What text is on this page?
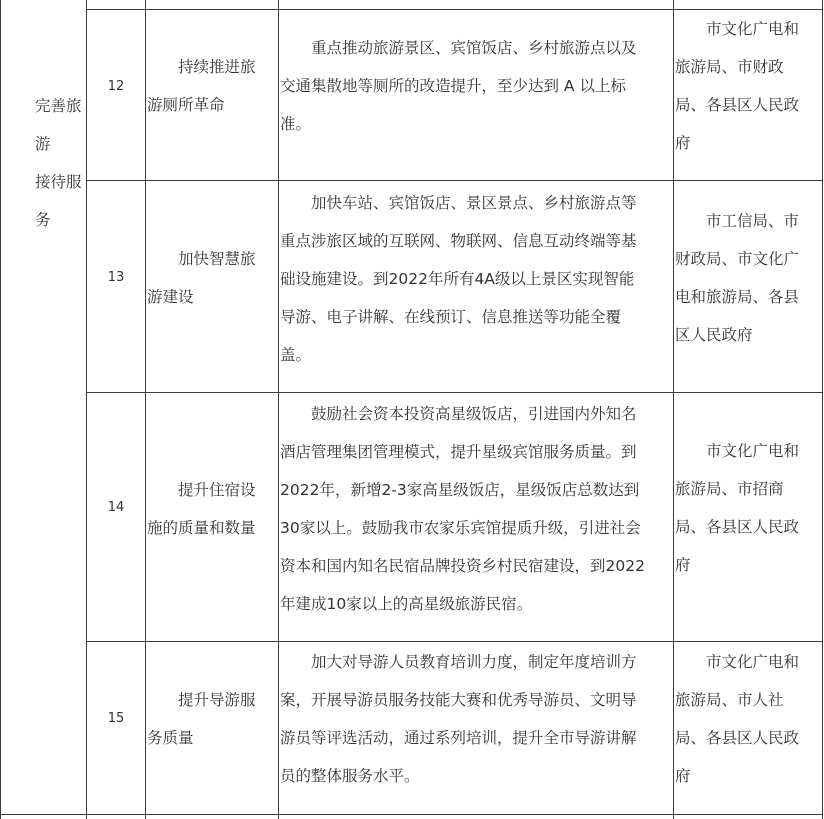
完善旅
游
接待服
务
12
持续推进旅
游厕所革命
重点推动旅游景区、宾馆饭店、乡村旅游点以及
交通集散地等厕所的改造提升，至少达到 A 以上标
准。
市文化广电和
旅游局、市财政
局、各县区人民政
府
13
加快智慧旅
游建设
加快车站、宾馆饭店、景区景点、乡村旅游点等
重点涉旅区域的互联网、物联网、信息互动终端等基
础设施建设。到2022年所有4A级以上景区实现智能
导游、电子讲解、在线预订、信息推送等功能全覆
盖。
市工信局、市
财政局、市文化广
电和旅游局、各县
区人民政府
14
提升住宿设
施的质量和数量
鼓励社会资本投资高星级饭店，引进国内外知名
酒店管理集团管理模式，提升星级宾馆服务质量。到
2022年，新增2-3家高星级饭店，星级饭店总数达到
30家以上。鼓励我市农家乐宾馆提质升级，引进社会
资本和国内知名民宿品牌投资乡村民宿建设，到2022
年建成10家以上的高星级旅游民宿。
市文化广电和
旅游局、市招商
局、各县区人民政
府
15
提升导游服
务质量
加大对导游人员教育培训力度，制定年度培训方
案，开展导游员服务技能大赛和优秀导游员、文明导
游员等评选活动，通过系列培训，提升全市导游讲解
员的整体服务水平。
市文化广电和
旅游局、市人社
局、各县区人民政
府
